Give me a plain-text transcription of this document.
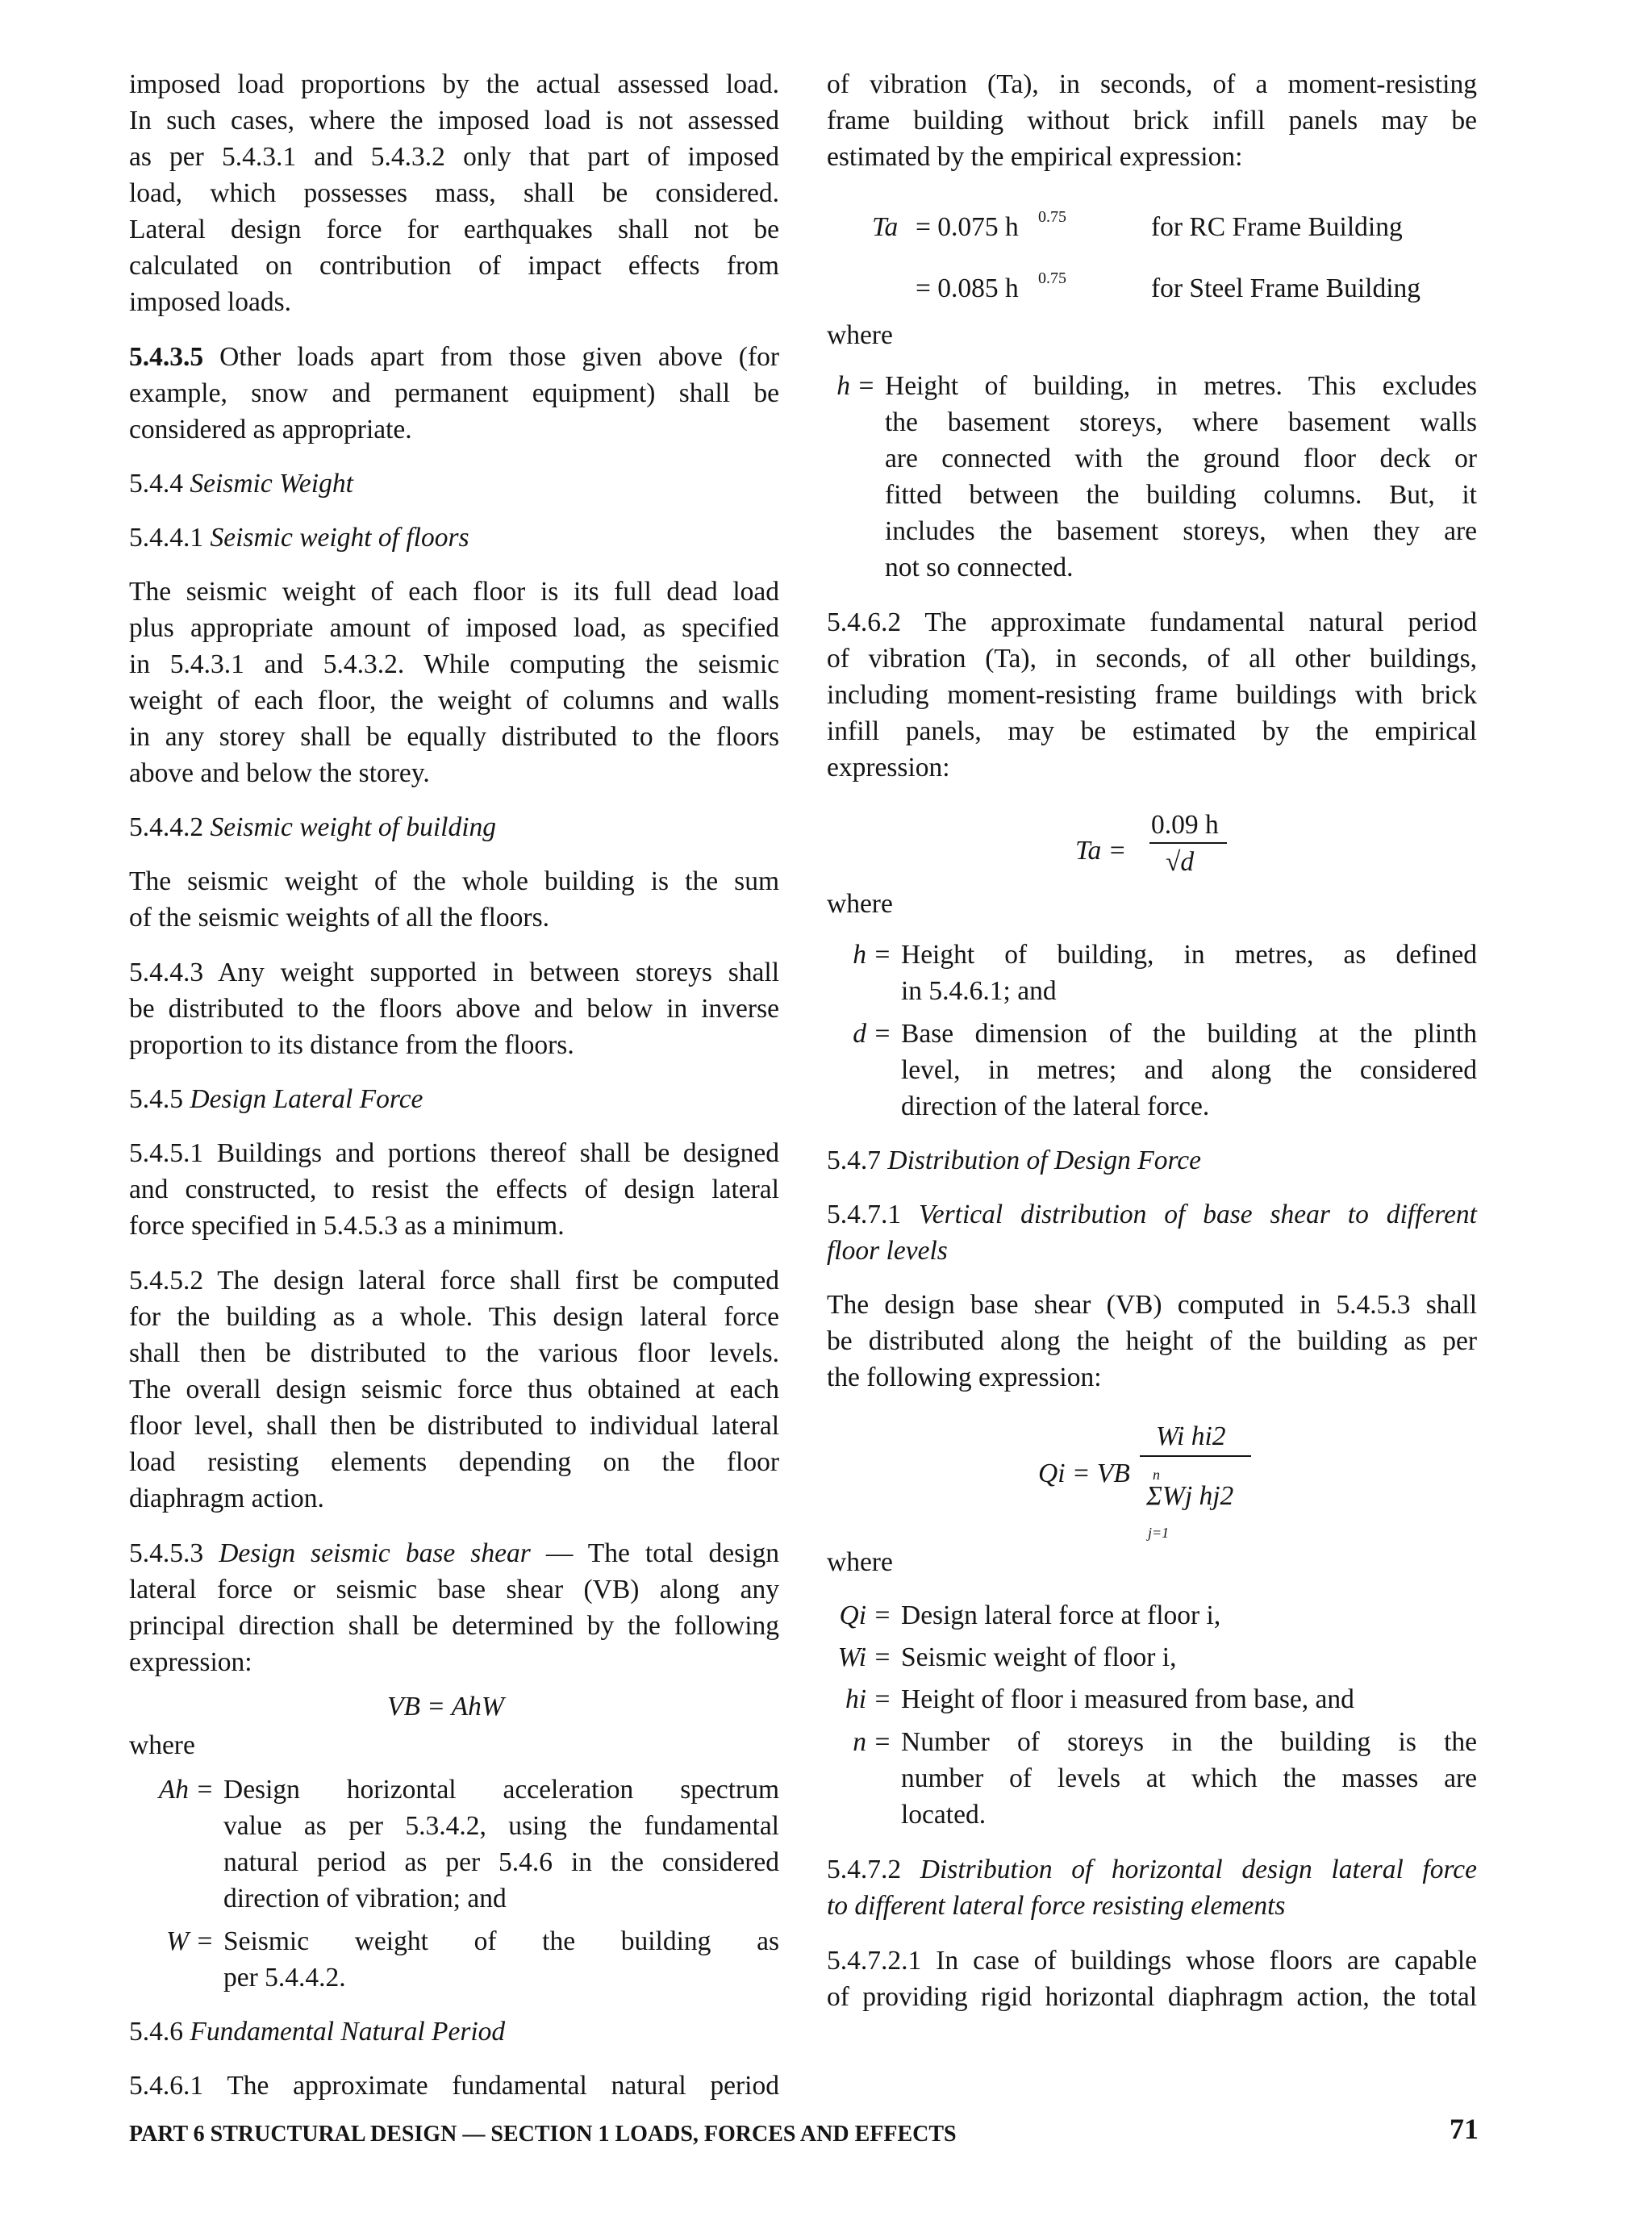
imposed load proportions by the actual assessed load.
In such cases, where the imposed load is not assessed
as per 5.4.3.1 and 5.4.3.2 only that part of imposed
load, which possesses mass, shall be considered.
Lateral design force for earthquakes shall not be
calculated on contribution of impact effects from
imposed loads.
5.4.3.5 Other loads apart from those given above (for
example, snow and permanent equipment) shall be
considered as appropriate.
5.4.4 Seismic Weight
5.4.4.1 Seismic weight of floors
The seismic weight of each floor is its full dead load
plus appropriate amount of imposed load, as specified
in 5.4.3.1 and 5.4.3.2. While computing the seismic
weight of each floor, the weight of columns and walls
in any storey shall be equally distributed to the floors
above and below the storey.
5.4.4.2 Seismic weight of building
The seismic weight of the whole building is the sum
of the seismic weights of all the floors.
5.4.4.3 Any weight supported in between storeys shall
be distributed to the floors above and below in inverse
proportion to its distance from the floors.
5.4.5 Design Lateral Force
5.4.5.1 Buildings and portions thereof shall be designed
and constructed, to resist the effects of design lateral
force specified in 5.4.5.3 as a minimum.
5.4.5.2 The design lateral force shall first be computed
for the building as a whole. This design lateral force
shall then be distributed to the various floor levels.
The overall design seismic force thus obtained at each
floor level, shall then be distributed to individual lateral
load resisting elements depending on the floor
diaphragm action.
5.4.5.3 Design seismic base shear — The total design
lateral force or seismic base shear (VB) along any
principal direction shall be determined by the following
expression:
VB = AhW
where
Ah = Design horizontal acceleration spectrum
value as per 5.3.4.2, using the fundamental
natural period as per 5.4.6 in the considered
direction of vibration; and
W = Seismic weight of the building as
per 5.4.4.2.
5.4.6 Fundamental Natural Period
5.4.6.1 The approximate fundamental natural period
of vibration (Ta), in seconds, of a moment-resisting
frame building without brick infill panels may be
estimated by the empirical expression:
Ta = 0.075 h 0.75	for RC Frame Building
= 0.085 h 0.75	for Steel Frame Building
where
h = Height of building, in metres. This excludes
the basement storeys, where basement walls
are connected with the ground floor deck or
fitted between the building columns. But, it
includes the basement storeys, when they are
not so connected.
5.4.6.2 The approximate fundamental natural period
of vibration (Ta), in seconds, of all other buildings,
including moment-resisting frame buildings with brick
infill panels, may be estimated by the empirical
expression:
Ta =
0.09 h
√d
where
h = Height of building, in metres, as defined
in 5.4.6.1; and
d = Base dimension of the building at the plinth
level, in metres; and along the considered
direction of the lateral force.
5.4.7 Distribution of Design Force
5.4.7.1 Vertical distribution of base shear to different
floor levels
The design base shear (VB) computed in 5.4.5.3 shall
be distributed along the height of the building as per
the following expression:
Qi = VB
Wi hi2
n
ΣWj hj2
j=1
where
Qi = Design lateral force at floor i,
Wi = Seismic weight of floor i,
hi = Height of floor i measured from base, and
n = Number of storeys in the building is the
number of levels at which the masses are
located.
5.4.7.2 Distribution of horizontal design lateral force
to different lateral force resisting elements
5.4.7.2.1 In case of buildings whose floors are capable
of providing rigid horizontal diaphragm action, the total
PART 6 STRUCTURAL DESIGN — SECTION 1 LOADS, FORCES AND EFFECTS	71
